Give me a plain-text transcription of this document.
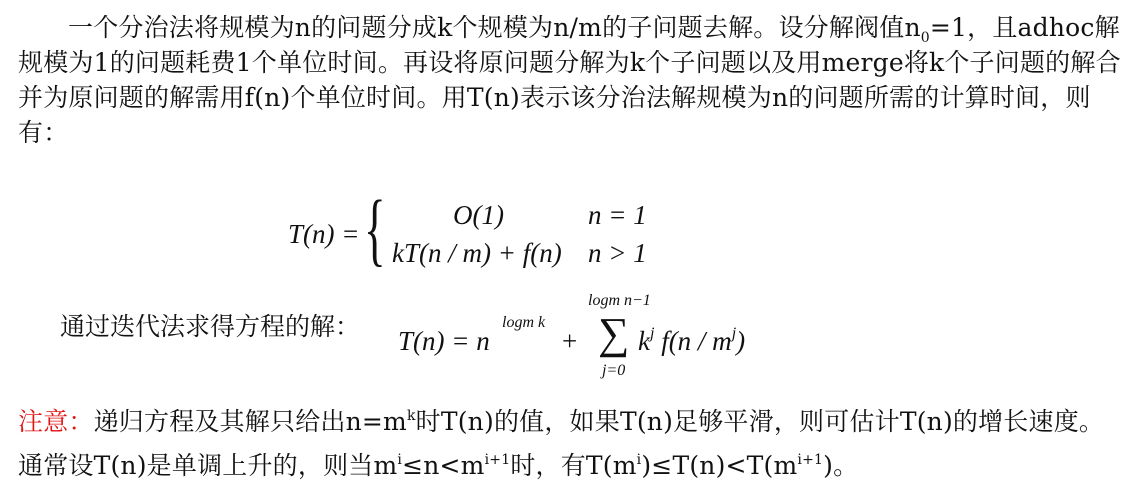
一个分治法将规模为n的问题分成k个规模为n/m的子问题去解。设分解阀值$n_0=1$，且adhoc解规模为1的问题耗费1个单位时间。再设将原问题分解为k个子问题以及用merge将k个子问题的解合并为原问题的解需用f(n)个单位时间。用T(n)表示该分治法解规模为n的问题所需的计算时间，则有：
T(n) = { O(1)	n = 1
kT(n / m) + f(n) n > 1
通过迭代法求得方程的解： T(n) = n
logm k
+
logm n−1
∑
j=0
$k^j$ $f(n / m^j)$
注意：递归方程及其解只给出$n=m^k$时T(n)的值，如果T(n)足够平滑，则可估计T(n)的增长速度。通常设T(n)是单调上升的，则当$m^i\le n<m^{i+1}$时，有$T(m^i)\le T(n)<T(m^{i+1})$。
